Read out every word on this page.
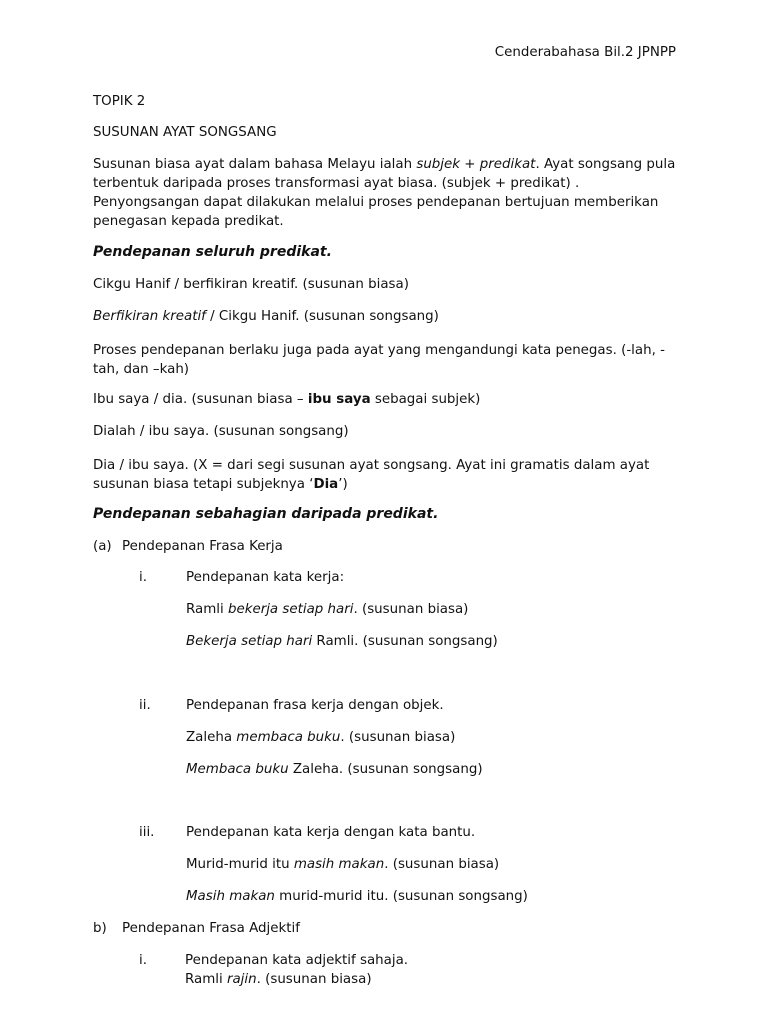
Cenderabahasa Bil.2 JPNPP
TOPIK 2
SUSUNAN AYAT SONGSANG
Susunan biasa ayat dalam bahasa Melayu ialah subjek + predikat. Ayat songsang pula terbentuk daripada proses transformasi ayat biasa. (subjek + predikat) . Penyongsangan dapat dilakukan melalui proses pendepanan bertujuan memberikan penegasan kepada predikat.
Pendepanan seluruh predikat.
Cikgu Hanif / berfikiran kreatif. (susunan biasa)
Berfikiran kreatif / Cikgu Hanif. (susunan songsang)
Proses pendepanan berlaku juga pada ayat yang mengandungi kata penegas. (-lah, -tah, dan –kah)
Ibu saya / dia. (susunan biasa – ibu saya sebagai subjek)
Dialah / ibu saya. (susunan songsang)
Dia / ibu saya. (X = dari segi susunan ayat songsang. Ayat ini gramatis dalam ayat susunan biasa tetapi subjeknya ‘Dia’)
Pendepanan sebahagian daripada predikat.
(a) Pendepanan Frasa Kerja
i.	Pendepanan kata kerja:
Ramli bekerja setiap hari. (susunan biasa)
Bekerja setiap hari Ramli. (susunan songsang)
ii.	Pendepanan frasa kerja dengan objek.
Zaleha membaca buku. (susunan biasa)
Membaca buku Zaleha. (susunan songsang)
iii. Pendepanan kata kerja dengan kata bantu.
Murid-murid itu masih makan. (susunan biasa)
Masih makan murid-murid itu. (susunan songsang)
b) Pendepanan Frasa Adjektif
i.	Pendepanan kata adjektif sahaja.
Ramli rajin. (susunan biasa)
